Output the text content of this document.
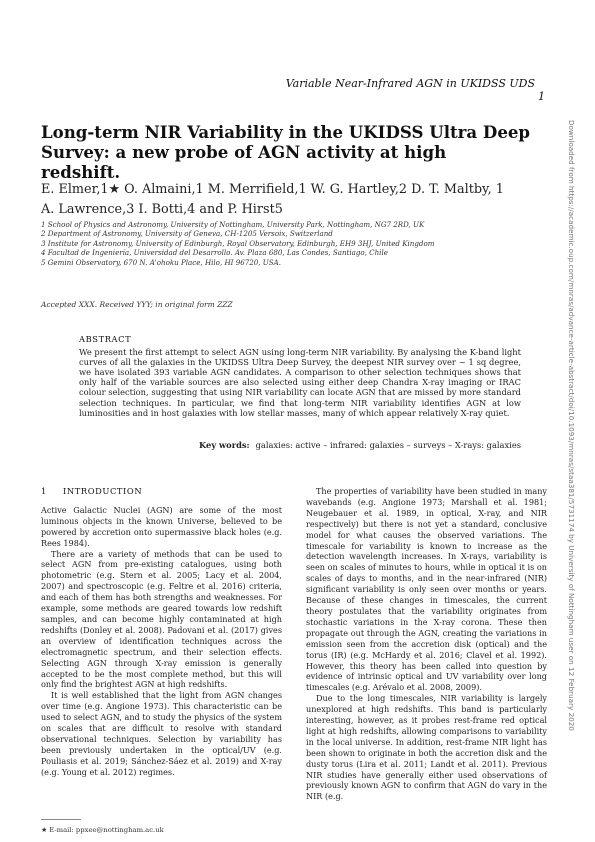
Variable Near-Infrared AGN in UKIDSS UDS1
Long-term NIR Variability in the UKIDSS Ultra Deep Survey: a new probe of AGN activity at high redshift.
E. Elmer,1★ O. Almaini,1 M. Merrifield,1 W. G. Hartley,2 D. T. Maltby, 1
A. Lawrence,3 I. Botti,4 and P. Hirst5
1 School of Physics and Astronomy, University of Nottingham, University Park, Nottingham, NG7 2RD, UK
2 Department of Astronomy, University of Geneva, CH-1205 Versoix, Switzerland
3 Institute for Astronomy, University of Edinburgh, Royal Observatory, Edinburgh, EH9 3HJ, United Kingdom
4 Facultad de Ingeniería, Universidad del Desarrollo. Av. Plaza 680, Las Condes, Santiago, Chile
5 Gemini Observatory, 670 N. A'ohoku Place, Hilo, HI 96720, USA.
Accepted XXX. Received YYY; in original form ZZZ
ABSTRACT
We present the first attempt to select AGN using long-term NIR variability. By analysing the K-band light curves of all the galaxies in the UKIDSS Ultra Deep Survey, the deepest NIR survey over ~ 1 sq degree, we have isolated 393 variable AGN candidates. A comparison to other selection techniques shows that only half of the variable sources are also selected using either deep Chandra X-ray imaging or IRAC colour selection, suggesting that using NIR variability can locate AGN that are missed by more standard selection techniques. In particular, we find that long-term NIR variability identifies AGN at low luminosities and in host galaxies with low stellar masses, many of which appear relatively X-ray quiet.
Key words: galaxies: active – infrared: galaxies – surveys – X-rays: galaxies
1 INTRODUCTION

Active Galactic Nuclei (AGN) are some of the most luminous objects in the known Universe, believed to be powered by accretion onto supermassive black holes (e.g. Rees 1984).

There are a variety of methods that can be used to select AGN from pre-existing catalogues, using both photometric (e.g. Stern et al. 2005; Lacy et al. 2004, 2007) and spectroscopic (e.g. Feltre et al. 2016) criteria, and each of them has both strengths and weaknesses. For example, some methods are geared towards low redshift samples, and can become highly contaminated at high redshifts (Donley et al. 2008). Padovani et al. (2017) gives an overview of identification techniques across the electromagnetic spectrum, and their selection effects. Selecting AGN through X-ray emission is generally accepted to be the most complete method, but this will only find the brightest AGN at high redshifts.

It is well established that the light from AGN changes over time (e.g. Angione 1973). This characteristic can be used to select AGN, and to study the physics of the system on scales that are difficult to resolve with standard observational techniques. Selection by variability has been previously undertaken in the optical/UV (e.g. Pouliasis et al. 2019; Sánchez-Sáez et al. 2019) and X-ray (e.g. Young et al. 2012) regimes.

The properties of variability have been studied in many wavebands (e.g. Angione 1973; Marshall et al. 1981; Neugebauer et al. 1989, in optical, X-ray, and NIR respectively) but there is not yet a standard, conclusive model for what causes the observed variations. The timescale for variability is known to increase as the detection wavelength increases. In X-rays, variability is seen on scales of minutes to hours, while in optical it is on scales of days to months, and in the near-infrared (NIR) significant variability is only seen over months or years. Because of these changes in timescales, the current theory postulates that the variability originates from stochastic variations in the X-ray corona. These then propagate out through the AGN, creating the variations in emission seen from the accretion disk (optical) and the torus (IR) (e.g. McHardy et al. 2016; Clavel et al. 1992). However, this theory has been called into question by evidence of intrinsic optical and UV variability over long timescales (e.g. Arévalo et al. 2008, 2009).

Due to the long timescales, NIR variability is largely unexplored at high redshifts. This band is particularly interesting, however, as it probes rest-frame red optical light at high redshifts, allowing comparisons to variability in the local universe. In addition, rest-frame NIR light has been shown to originate in both the accretion disk and the dusty torus (Lira et al. 2011; Landt et al. 2011). Previous NIR studies have generally either used observations of previously known AGN to confirm that AGN do vary in the NIR (e.g.

★ E-mail: ppxee@nottingham.ac.uk
Downloaded from https://academic.oup.com/mnras/advance-article-abstract/doi/10.1093/mnras/staa381/5731174 by University of Nottingham user on 12 February 2020
